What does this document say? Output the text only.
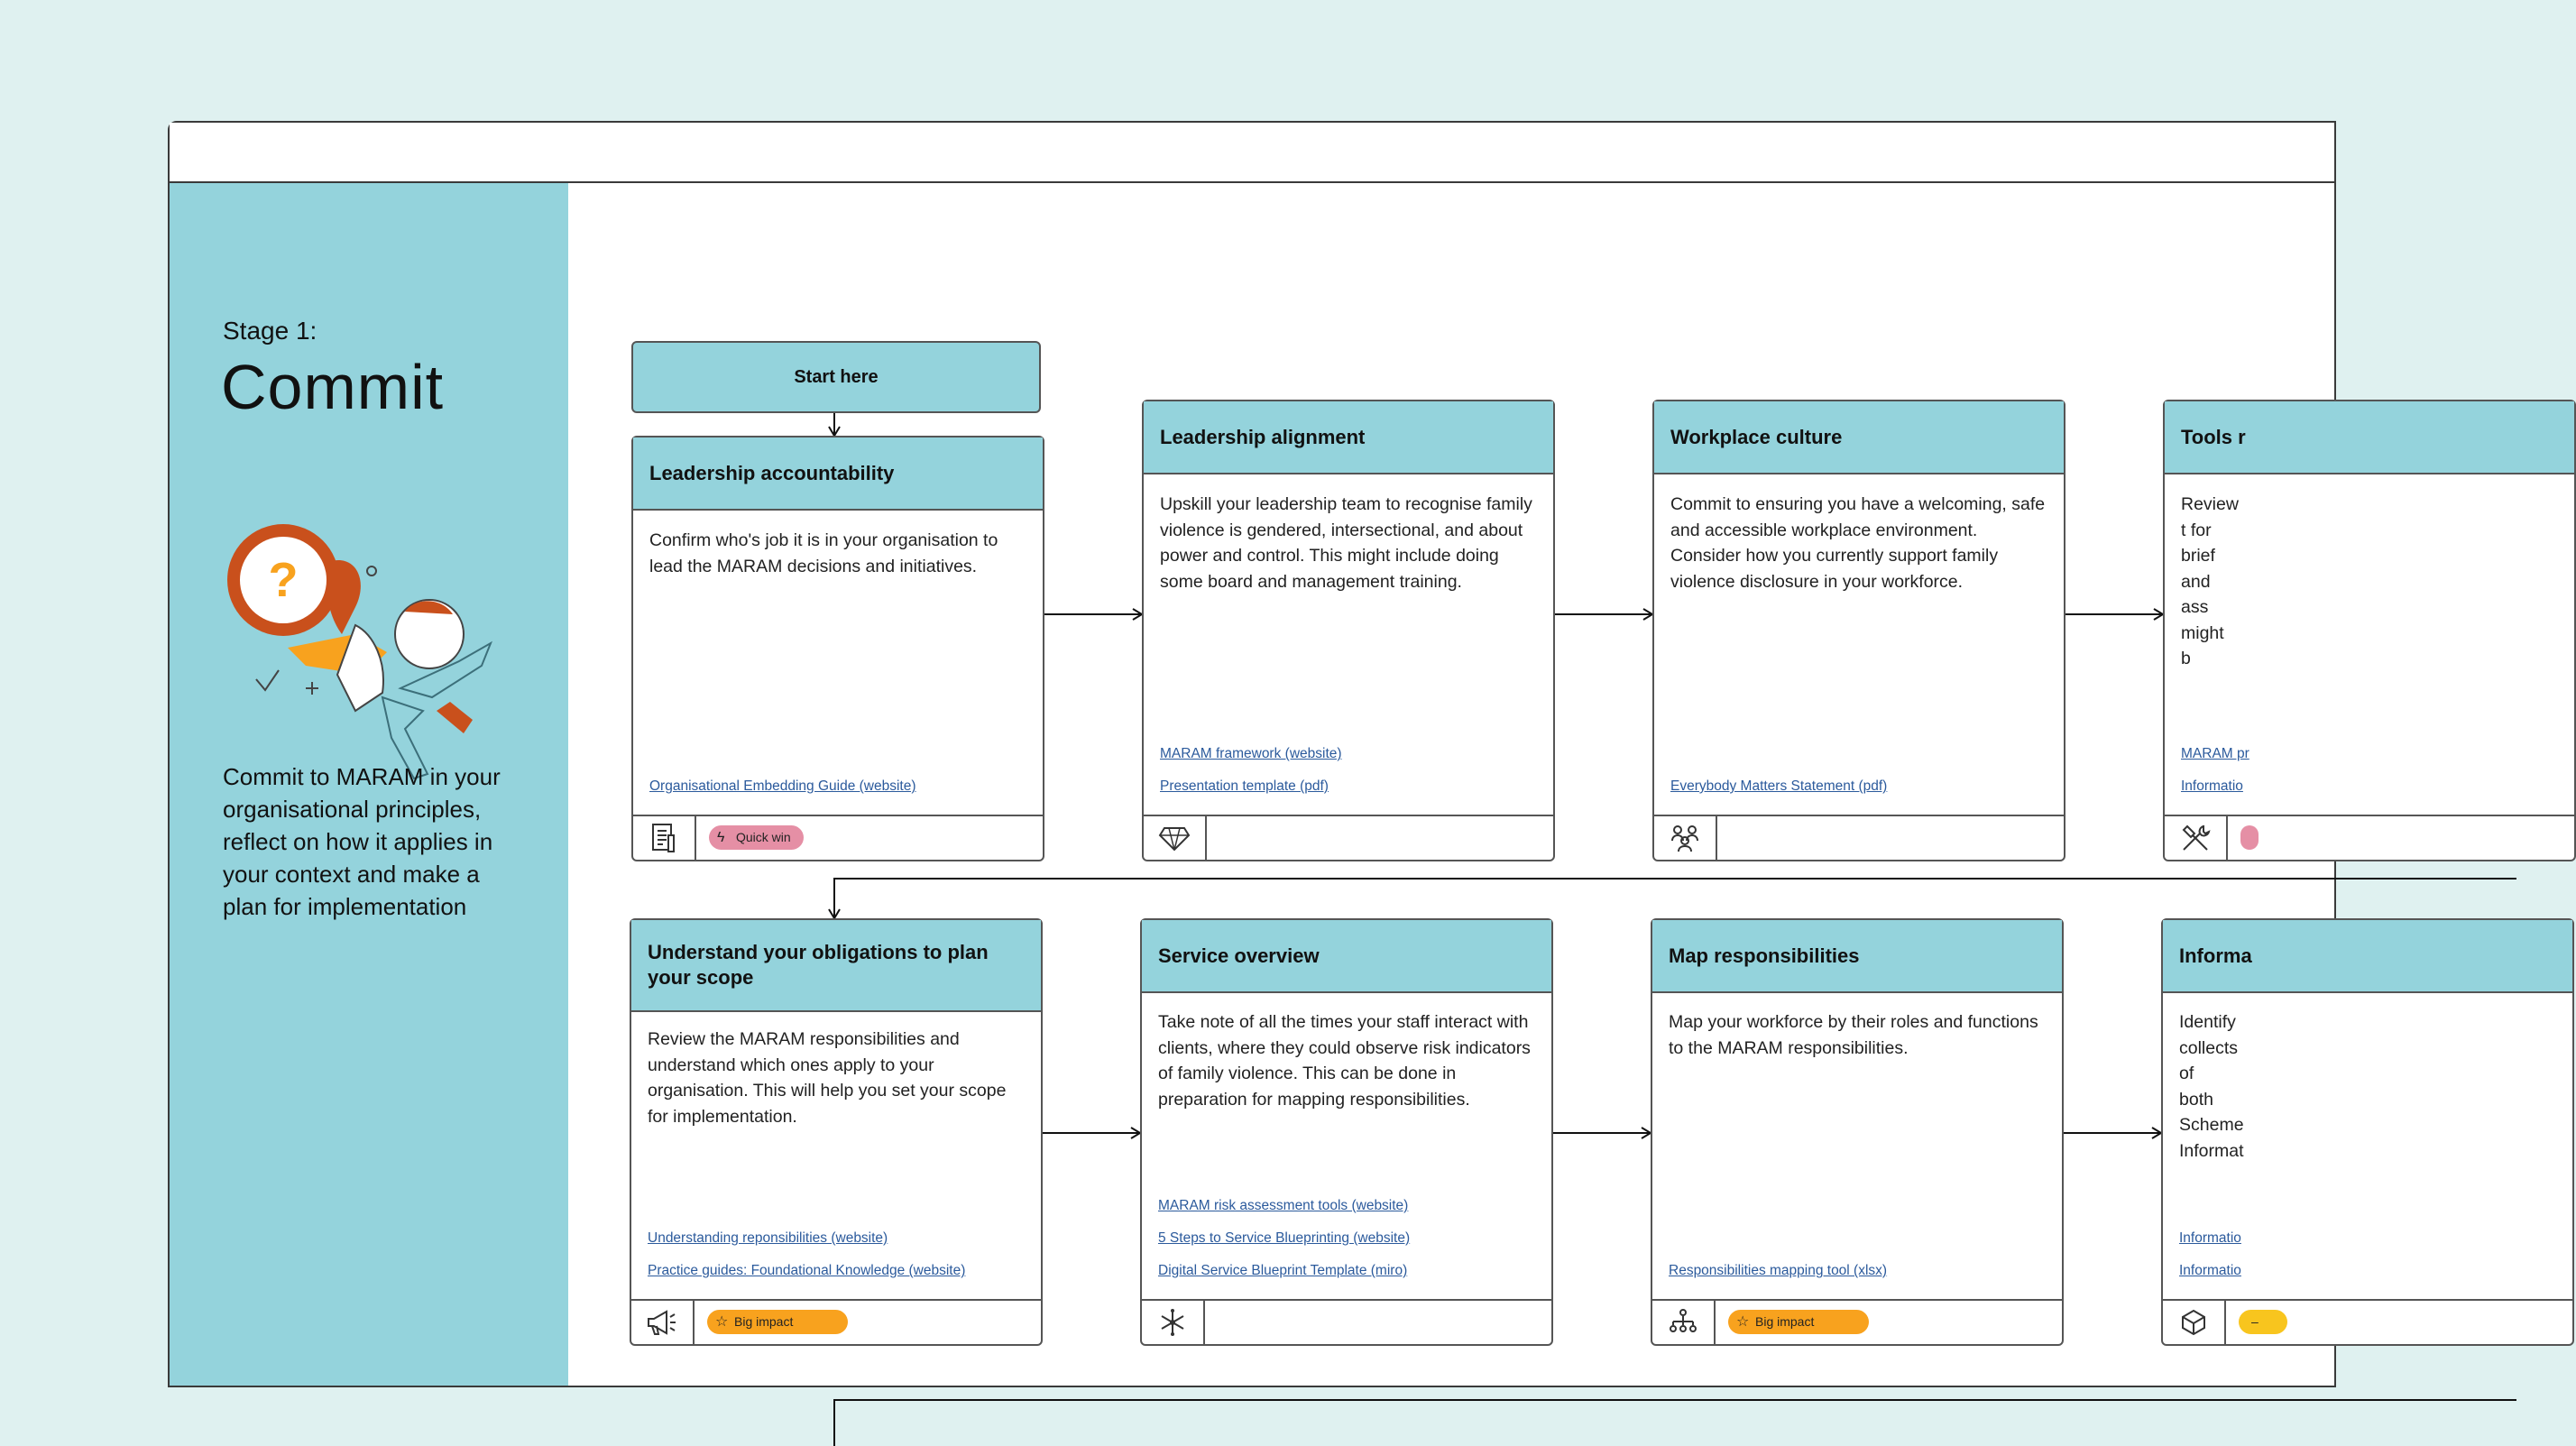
Stage 1:
Commit
?
Commit to MARAM in your organisational principles, reflect on how it applies in your context and make a plan for implementation
Start here
Leadership accountability
Confirm who's job it is in your organisation to lead the MARAM decisions and initiatives.
Organisational Embedding Guide (website)
ϟ Quick win
Leadership alignment
Upskill your leadership team to recognise family violence is gendered, intersectional, and about power and control. This might include doing some board and management training.
MARAM framework (website)
Presentation template (pdf)
Workplace culture
Commit to ensuring you have a welcoming, safe and accessible workplace environment. Consider how you currently support family violence disclosure in your workforce.
Everybody Matters Statement (pdf)
Tools r
Review t for brief and ass might b
MARAM pr
Informatio
Understand your obligations to plan your scope
Review the MARAM responsibilities and understand which ones apply to your organisation. This will help you set your scope for implementation.
Understanding reponsibilities (website)
Practice guides: Foundational Knowledge (website)
☆ Big impact
Service overview
Take note of all the times your staff interact with clients, where they could observe risk indicators of family violence. This can be done in preparation for mapping responsibilities.
MARAM risk assessment tools (website)
5 Steps to Service Blueprinting (website)
Digital Service Blueprint Template (miro)
Map responsibilities
Map your workforce by their roles and functions to the MARAM responsibilities.
Responsibilities mapping tool (xlsx)
☆ Big impact
Informa
Identify collects of both Scheme Informat
Informatio
Informatio
–
